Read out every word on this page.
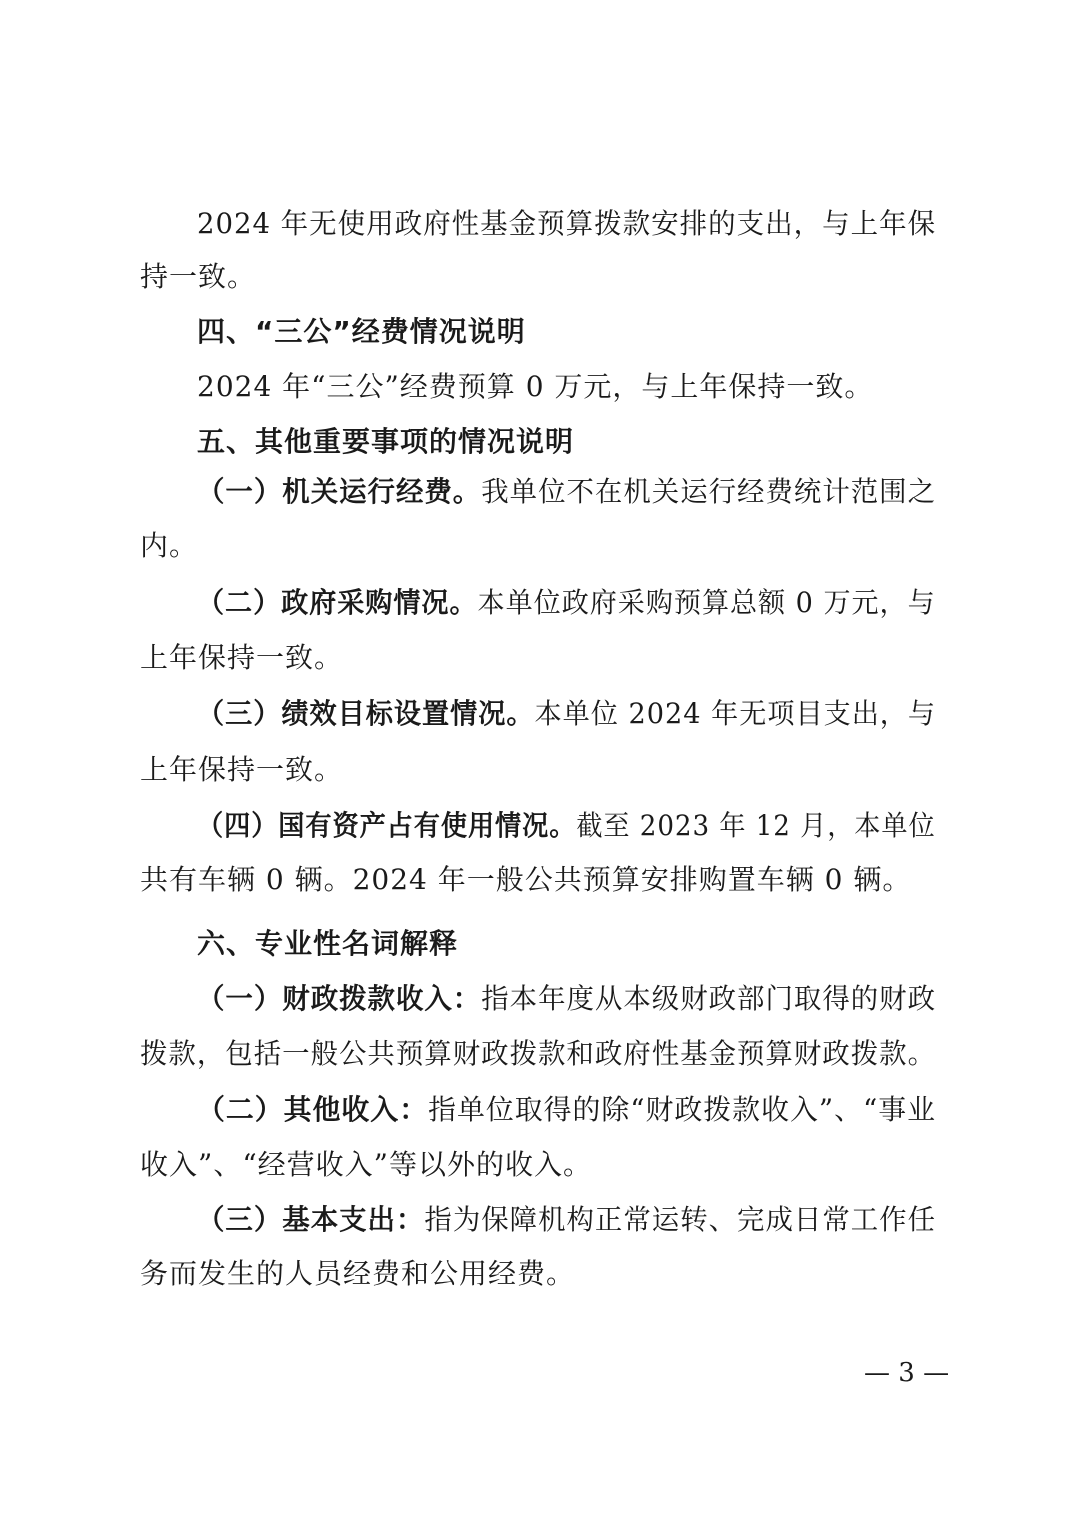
2024 年无使用政府性基金预算拨款安排的支出，与上年保
持一致。
四、“三公”经费情况说明
2024 年“三公”经费预算 0 万元，与上年保持一致。
五、其他重要事项的情况说明
（一）机关运行经费。我单位不在机关运行经费统计范围之
内。
（二）政府采购情况。本单位政府采购预算总额 0 万元，与
上年保持一致。
（三）绩效目标设置情况。本单位 2024 年无项目支出，与
上年保持一致。
（四）国有资产占有使用情况。截至 2023 年 12 月，本单位
共有车辆 0 辆。2024 年一般公共预算安排购置车辆 0 辆。
六、专业性名词解释
（一）财政拨款收入：指本年度从本级财政部门取得的财政
拨款，包括一般公共预算财政拨款和政府性基金预算财政拨款。
（二）其他收入：指单位取得的除“财政拨款收入”、“事业
收入”、“经营收入”等以外的收入。
（三）基本支出：指为保障机构正常运转、完成日常工作任
务而发生的人员经费和公用经费。
— 3 —
